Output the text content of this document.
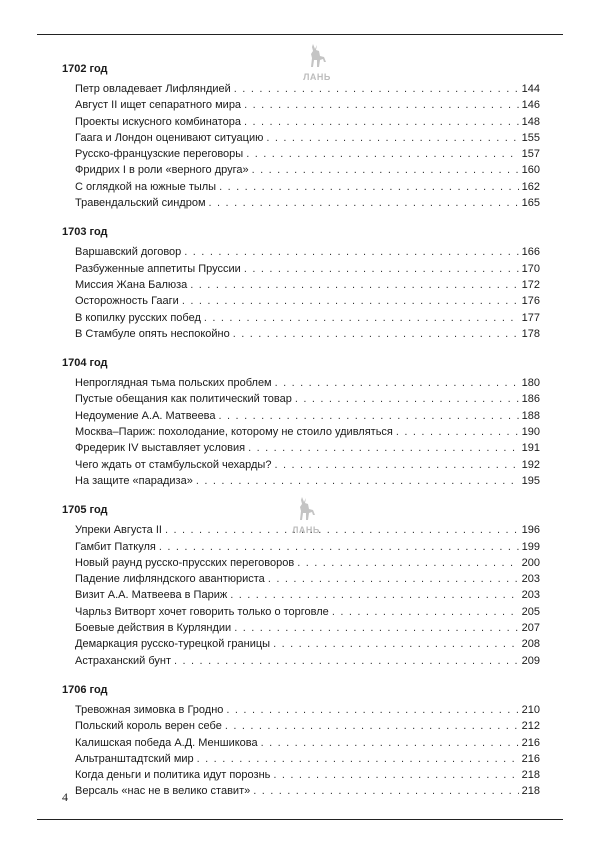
ЛАНЬ
ЛАНЬ
1702 год
Петр овладевает Лифляндией . . .	144
Август II ищет сепаратного мира . . .	146
Проекты искусного комбинатора . . .	148
Гаага и Лондон оценивают ситуацию . . .	155
Русско-французские переговоры . . .	157
Фридрих I в роли «верного друга» . . .	160
С оглядкой на южные тылы . . .	162
Травендальский синдром . . .	165
1703 год
Варшавский договор . . .	166
Разбуженные аппетиты Пруссии . . .	170
Миссия Жана Балюза . . .	172
Осторожность Гааги . . .	176
В копилку русских побед . . .	177
В Стамбуле опять неспокойно . . .	178
1704 год
Непроглядная тьма польских проблем . . .	180
Пустые обещания как политический товар . . .	186
Недоумение А.А. Матвеева . . .	188
Москва–Париж: похолодание, которому не стоило удивляться . . .	190
Фредерик IV выставляет условия . . .	191
Чего ждать от стамбульской чехарды? . . .	192
На защите «парадиза» . . .	195
1705 год
Упреки Августа II . . .	196
Гамбит Паткуля . . .	199
Новый раунд русско-прусских переговоров . . .	200
Падение лифляндского авантюриста . . .	203
Визит А.А. Матвеева в Париж . . .	203
Чарльз Витворт хочет говорить только о торговле . . .	205
Боевые действия в Курляндии . . .	207
Демаркация русско-турецкой границы . . .	208
Астраханский бунт . . .	209
1706 год
Тревожная зимовка в Гродно . . .	210
Польский король верен себе . . .	212
Калишская победа А.Д. Меншикова . . .	216
Альтранштадтский мир . . .	216
Когда деньги и политика идут порознь . . .	218
Версаль «нас не в велико ставит» . . .	218
4
